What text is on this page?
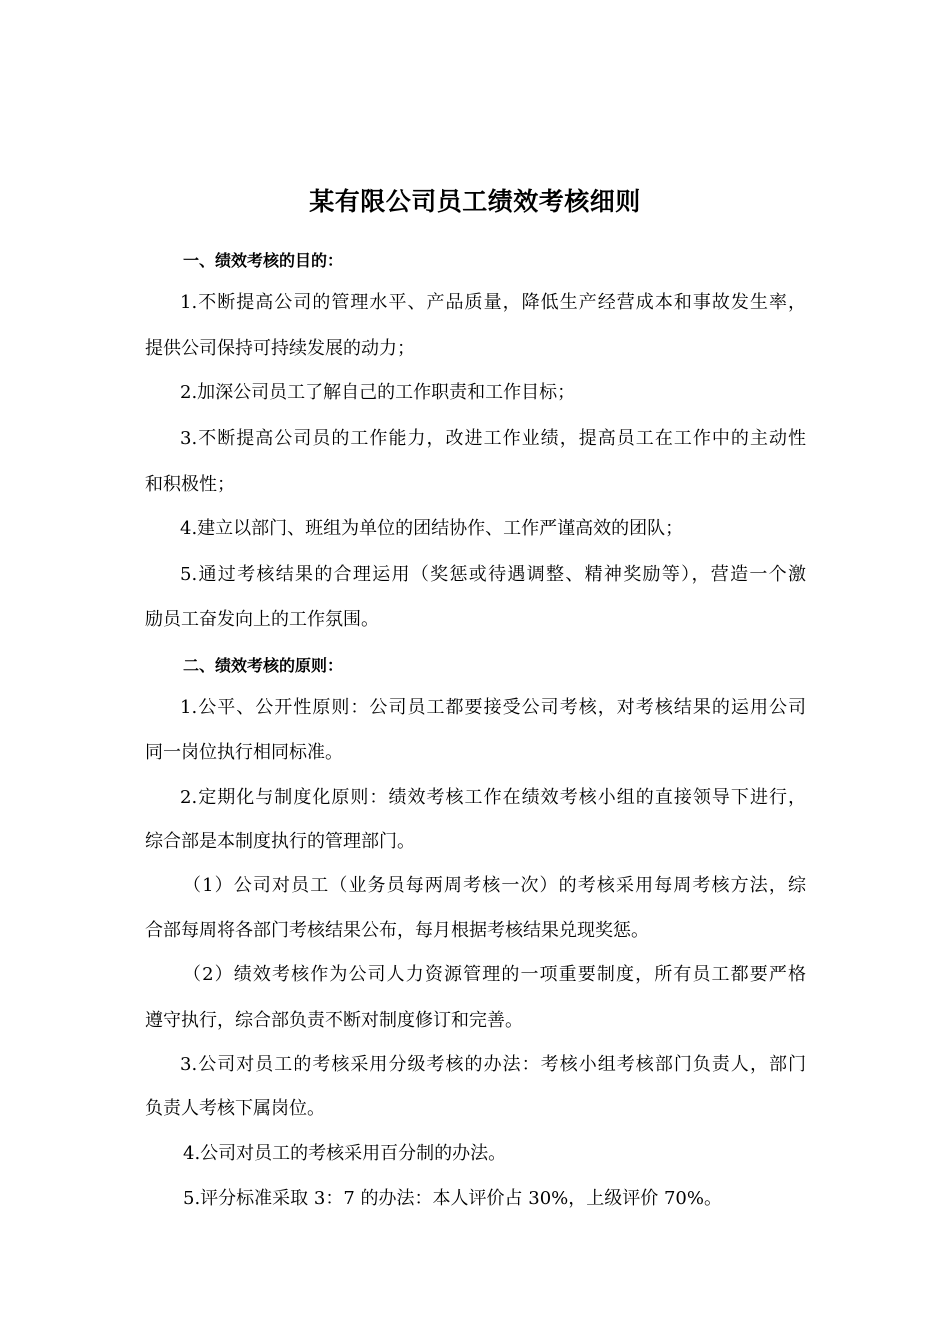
某有限公司员工绩效考核细则

一、绩效考核的目的：

1.不断提高公司的管理水平、产品质量，降低生产经营成本和事故发生率，

提供公司保持可持续发展的动力；

2.加深公司员工了解自己的工作职责和工作目标；

3.不断提高公司员的工作能力，改进工作业绩，提高员工在工作中的主动性

和积极性；

4.建立以部门、班组为单位的团结协作、工作严谨高效的团队；

5.通过考核结果的合理运用（奖惩或待遇调整、精神奖励等），营造一个激

励员工奋发向上的工作氛围。

二、绩效考核的原则：

1.公平、公开性原则：公司员工都要接受公司考核，对考核结果的运用公司

同一岗位执行相同标准。

2.定期化与制度化原则：绩效考核工作在绩效考核小组的直接领导下进行，

综合部是本制度执行的管理部门。

（1）公司对员工（业务员每两周考核一次）的考核采用每周考核方法，综

合部每周将各部门考核结果公布，每月根据考核结果兑现奖惩。

（2）绩效考核作为公司人力资源管理的一项重要制度，所有员工都要严格

遵守执行，综合部负责不断对制度修订和完善。

3.公司对员工的考核采用分级考核的办法：考核小组考核部门负责人，部门

负责人考核下属岗位。

4.公司对员工的考核采用百分制的办法。

5.评分标准采取 3：7 的办法：本人评价占 30%，上级评价 70%。
